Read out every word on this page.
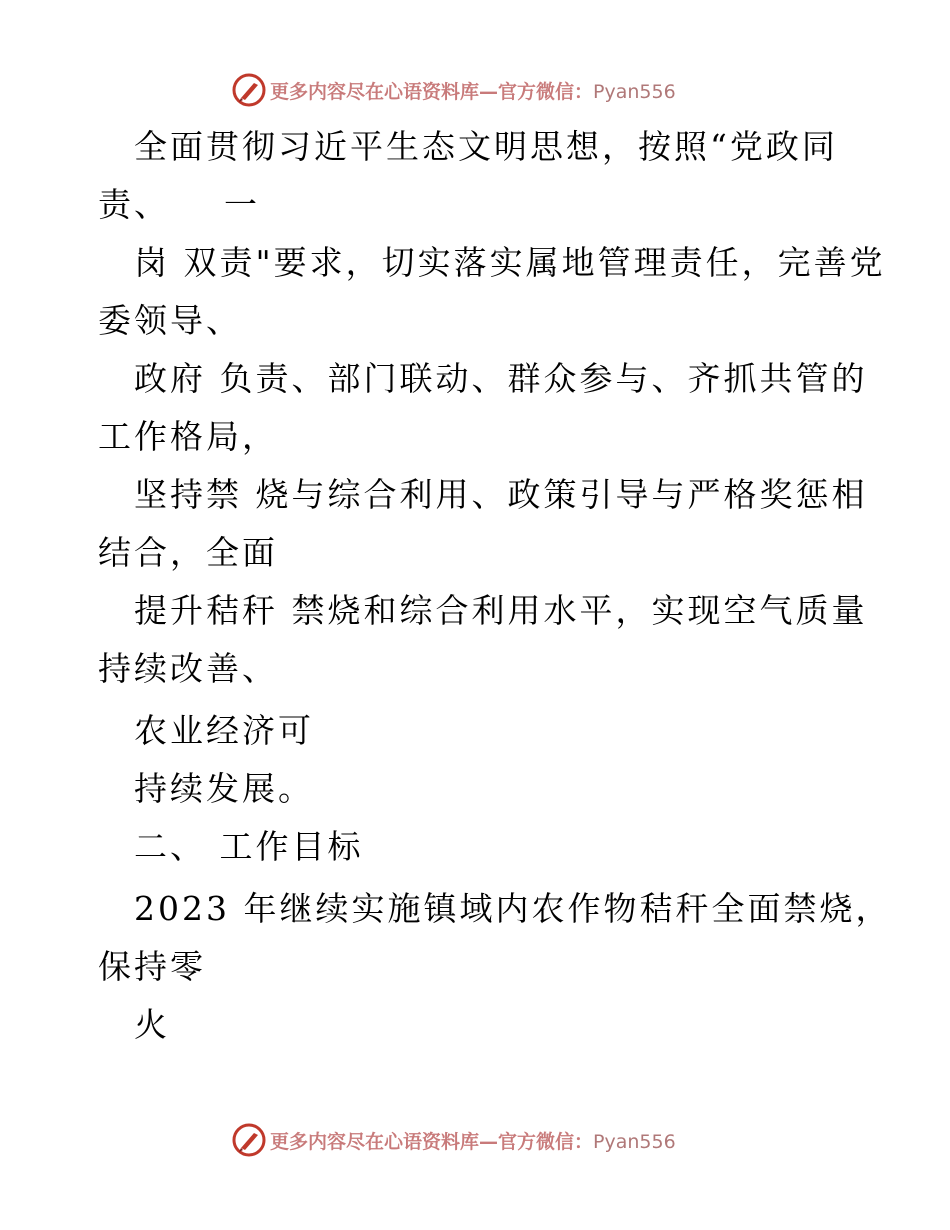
更多内容尽在心语资料库—官方微信：Pyan556
全面贯彻习近平生态文明思想，按照“党政同
责、    一
岗 双责"要求，切实落实属地管理责任，完善党
委领导、
政府 负责、部门联动、群众参与、齐抓共管的
工作格局，
坚持禁 烧与综合利用、政策引导与严格奖惩相
结合，全面
提升秸秆 禁烧和综合利用水平，实现空气质量
持续改善、
农业经济可
持续发展。
二、 工作目标
2023 年继续实施镇域内农作物秸秆全面禁烧，
保持零
火
更多内容尽在心语资料库—官方微信：Pyan556
